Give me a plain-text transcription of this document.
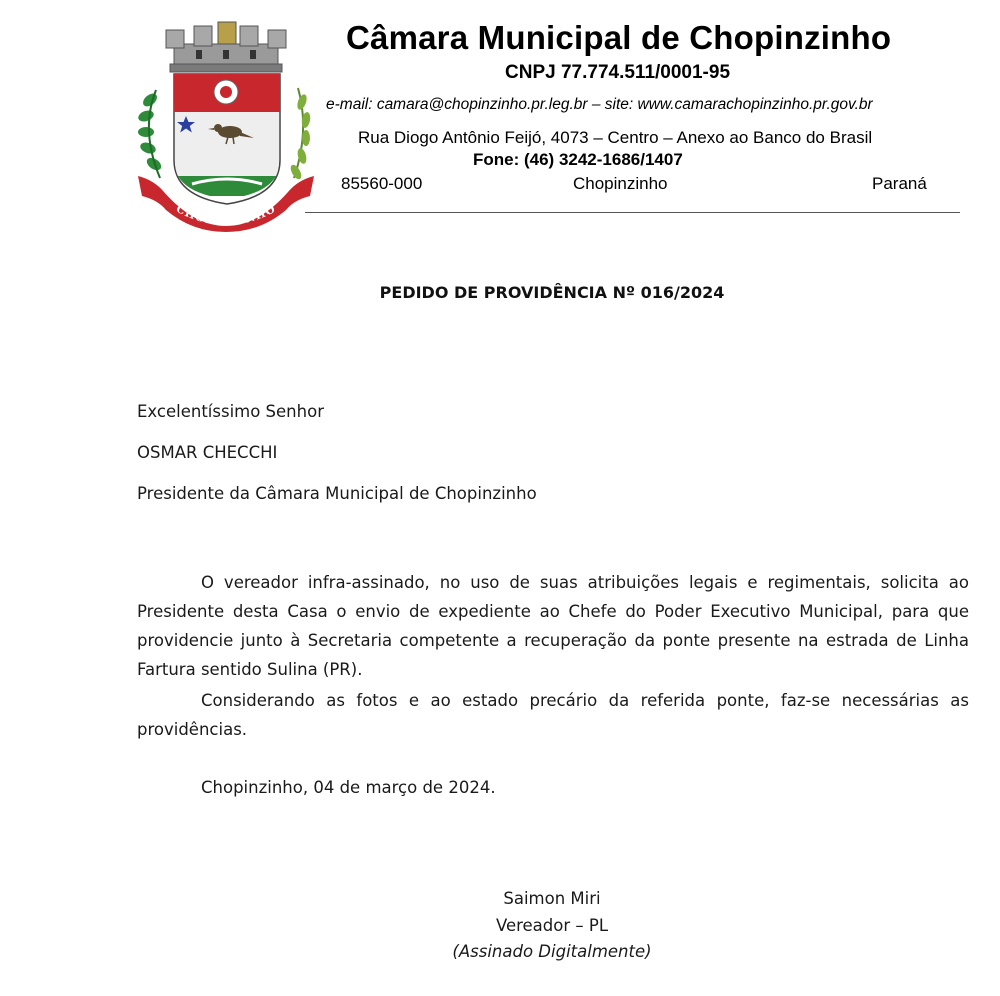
CHOPINZINHO
Câmara Municipal de Chopinzinho
CNPJ 77.774.511/0001-95
e-mail: camara@chopinzinho.pr.leg.br – site: www.camarachopinzinho.pr.gov.br
Rua Diogo Antônio Feijó, 4073 – Centro – Anexo ao Banco do Brasil
Fone: (46) 3242-1686/1407
85560-000	Chopinzinho	Paraná
PEDIDO DE PROVIDÊNCIA Nº 016/2024
Excelentíssimo Senhor
OSMAR CHECCHI
Presidente da Câmara Municipal de Chopinzinho

O vereador infra-assinado, no uso de suas atribuições legais e regimentais, solicita ao Presidente desta Casa o envio de expediente ao Chefe do Poder Executivo Municipal, para que providencie junto à Secretaria competente a recuperação da ponte presente na estrada de Linha Fartura sentido Sulina (PR).

Considerando as fotos e ao estado precário da referida ponte, faz-se necessárias as providências.

Chopinzinho, 04 de março de 2024.
Saimon Miri
Vereador – PL
(Assinado Digitalmente)
